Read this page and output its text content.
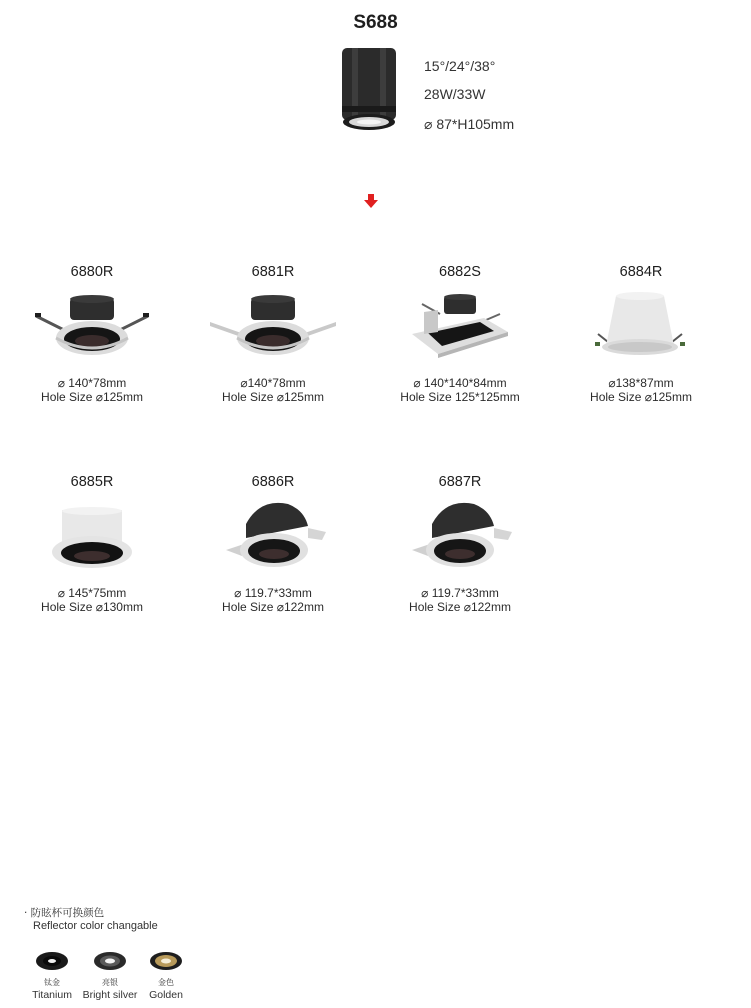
S688
15°/24°/38°
28W/33W
⌀ 87*H105mm
6880R
⌀ 140*78mm
Hole Size ⌀125mm
6881R
⌀140*78mm
Hole Size ⌀125mm
6882S
⌀ 140*140*84mm
Hole Size 125*125mm
6884R
⌀138*87mm
Hole Size ⌀125mm
6885R
⌀ 145*75mm
Hole Size ⌀130mm
6886R
⌀ 119.7*33mm
Hole Size ⌀122mm
6887R
⌀ 119.7*33mm
Hole Size ⌀122mm
· 防眩杯可换颜色
Reflector color changable
钛金
Titanium
亮银
Bright silver
金色
Golden
